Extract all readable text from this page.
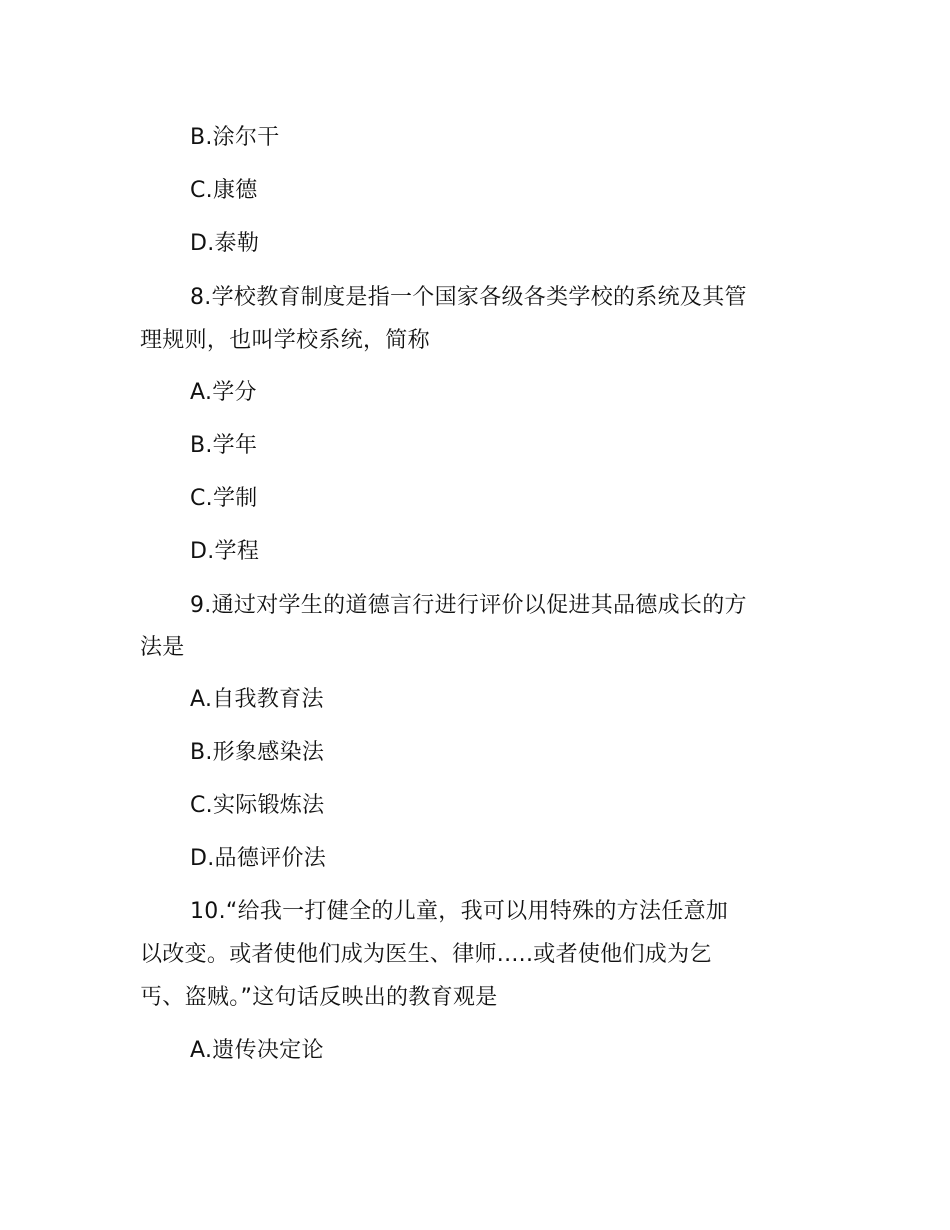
B.涂尔干
C.康德
D.泰勒
8.学校教育制度是指一个国家各级各类学校的系统及其管
理规则，也叫学校系统，简称
A.学分
B.学年
C.学制
D.学程
9.通过对学生的道德言行进行评价以促进其品德成长的方
法是
A.自我教育法
B.形象感染法
C.实际锻炼法
D.品德评价法
10.“给我一打健全的儿童，我可以用特殊的方法任意加
以改变。或者使他们成为医生、律师.....或者使他们成为乞
丐、盗贼。”这句话反映出的教育观是
A.遗传决定论
